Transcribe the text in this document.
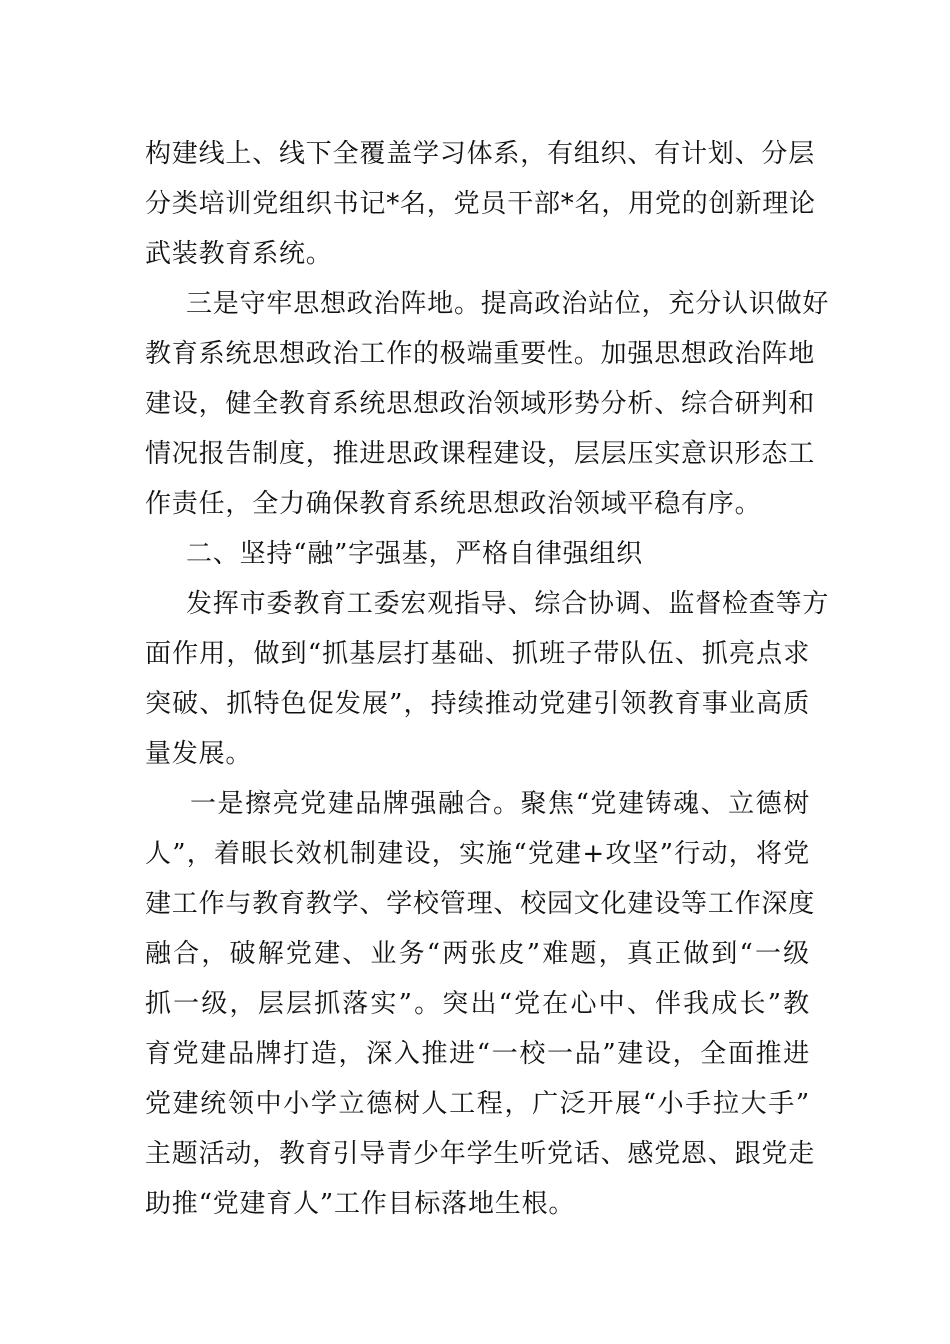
构建线上、线下全覆盖学习体系，有组织、有计划、分层
分类培训党组织书记*名，党员干部*名，用党的创新理论
武装教育系统。
三是守牢思想政治阵地。提高政治站位，充分认识做好
教育系统思想政治工作的极端重要性。加强思想政治阵地
建设，健全教育系统思想政治领域形势分析、综合研判和
情况报告制度，推进思政课程建设，层层压实意识形态工
作责任，全力确保教育系统思想政治领域平稳有序。
二、坚持“融”字强基，严格自律强组织
发挥市委教育工委宏观指导、综合协调、监督检查等方
面作用，做到“抓基层打基础、抓班子带队伍、抓亮点求
突破、抓特色促发展”，持续推动党建引领教育事业高质
量发展。
一是擦亮党建品牌强融合。聚焦“党建铸魂、立德树
人”，着眼长效机制建设，实施“党建+攻坚”行动，将党
建工作与教育教学、学校管理、校园文化建设等工作深度
融合，破解党建、业务“两张皮”难题，真正做到“一级
抓一级，层层抓落实”。突出“党在心中、伴我成长”教
育党建品牌打造，深入推进“一校一品”建设，全面推进
党建统领中小学立德树人工程，广泛开展“小手拉大手”
主题活动，教育引导青少年学生听党话、感党恩、跟党走
助推“党建育人”工作目标落地生根。
